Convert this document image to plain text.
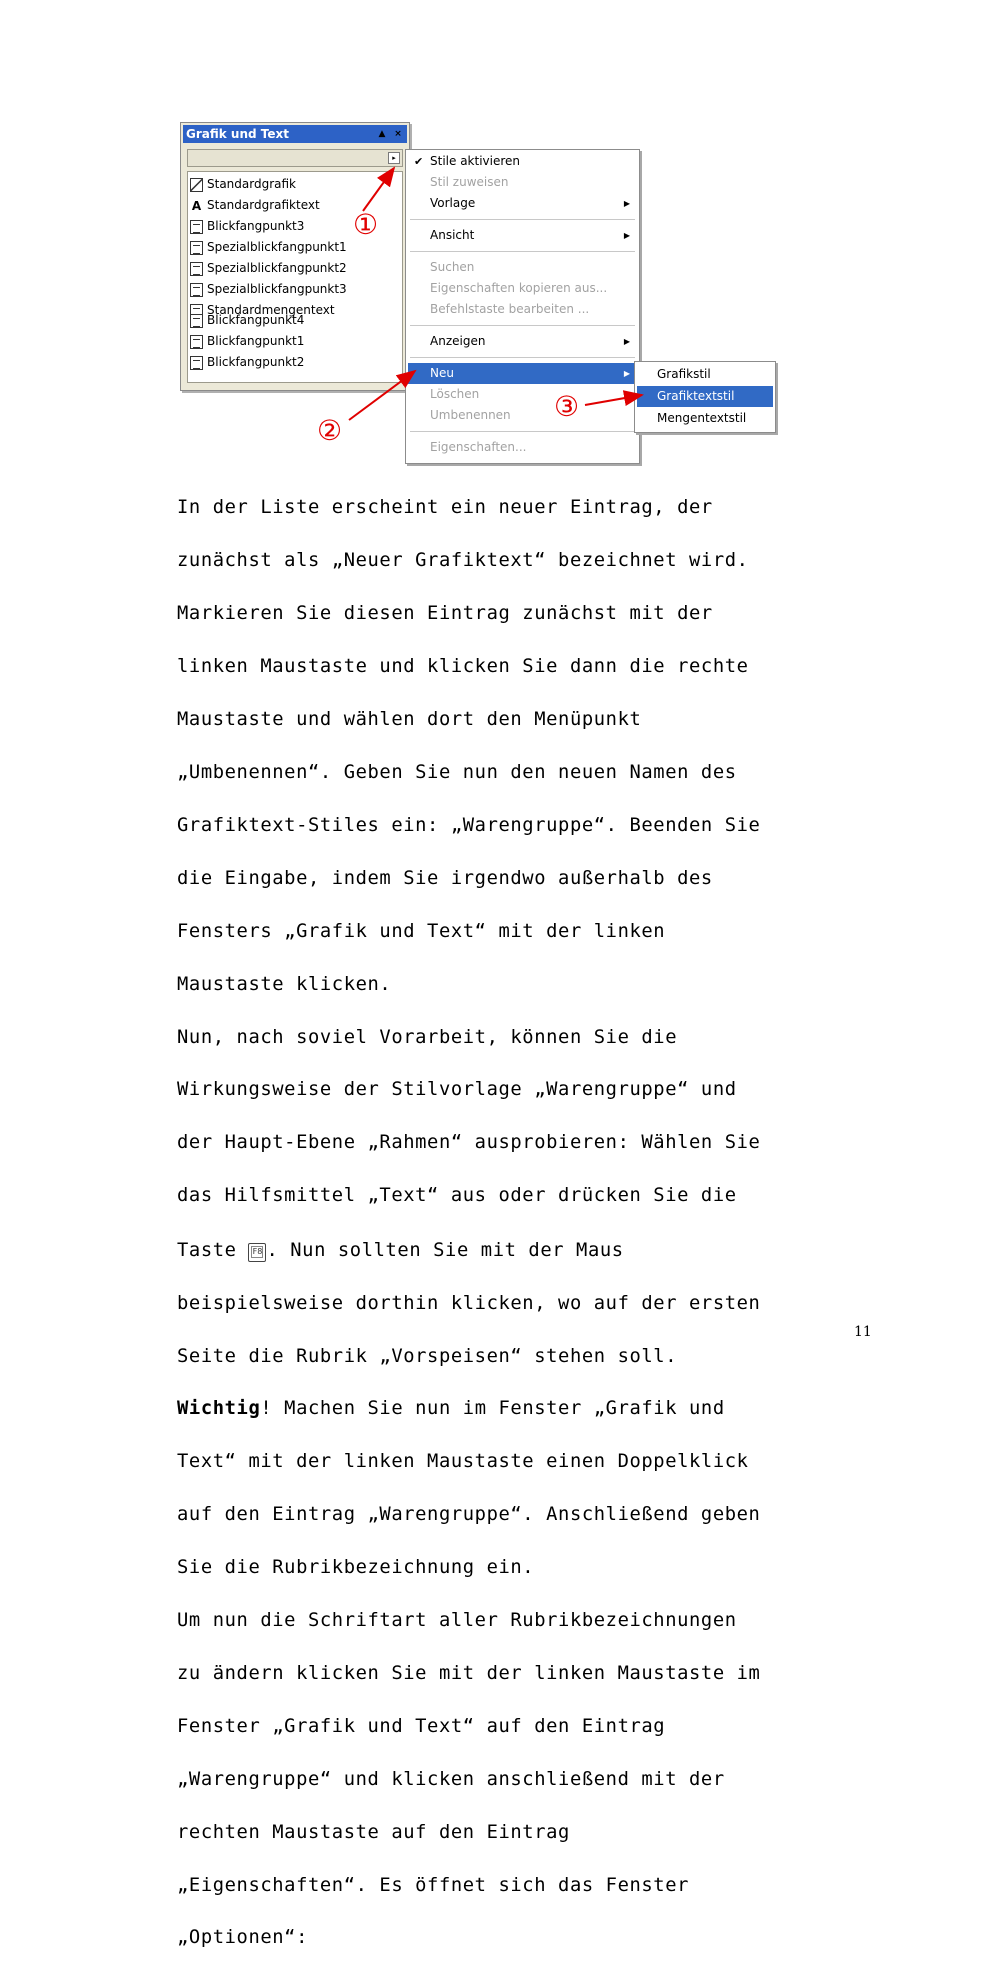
Grafik und Text	▲ ×
▸
Standardgrafik
A Standardgrafiktext
Blickfangpunkt3
Spezialblickfangpunkt1
Spezialblickfangpunkt2
Spezialblickfangpunkt3
Standardmengentext
Blickfangpunkt4
Blickfangpunkt1
Blickfangpunkt2
✔ Stile aktivieren
Stil zuweisen
Vorlage	▶
Ansicht	▶
Suchen
Eigenschaften kopieren aus...
Befehlstaste bearbeiten ...
Anzeigen	▶
Neu	▶
Löschen
Umbenennen
Eigenschaften...
Grafikstil
Grafiktextstil
Mengentextstil
①
②
③

In der Liste erscheint ein neuer Eintrag, der

zunächst als „Neuer Grafiktext“ bezeichnet wird.

Markieren Sie diesen Eintrag zunächst mit der

linken Maustaste und klicken Sie dann die rechte

Maustaste und wählen dort den Menüpunkt

„Umbenennen“. Geben Sie nun den neuen Namen des

Grafiktext-Stiles ein: „Warengruppe“. Beenden Sie

die Eingabe, indem Sie irgendwo außerhalb des

Fensters „Grafik und Text“ mit der linken

Maustaste klicken.

Nun, nach soviel Vorarbeit, können Sie die

Wirkungsweise der Stilvorlage „Warengruppe“ und

der Haupt-Ebene „Rahmen“ ausprobieren: Wählen Sie

das Hilfsmittel „Text“ aus oder drücken Sie die

Taste F8 . Nun sollten Sie mit der Maus

beispielsweise dorthin klicken, wo auf der ersten

Seite die Rubrik „Vorspeisen“ stehen soll.

Wichtig! Machen Sie nun im Fenster „Grafik und

Text“ mit der linken Maustaste einen Doppelklick

auf den Eintrag „Warengruppe“. Anschließend geben

Sie die Rubrikbezeichnung ein.

Um nun die Schriftart aller Rubrikbezeichnungen

zu ändern klicken Sie mit der linken Maustaste im

Fenster „Grafik und Text“ auf den Eintrag

„Warengruppe“ und klicken anschließend mit der

rechten Maustaste auf den Eintrag

„Eigenschaften“. Es öffnet sich das Fenster

„Optionen“:

11
